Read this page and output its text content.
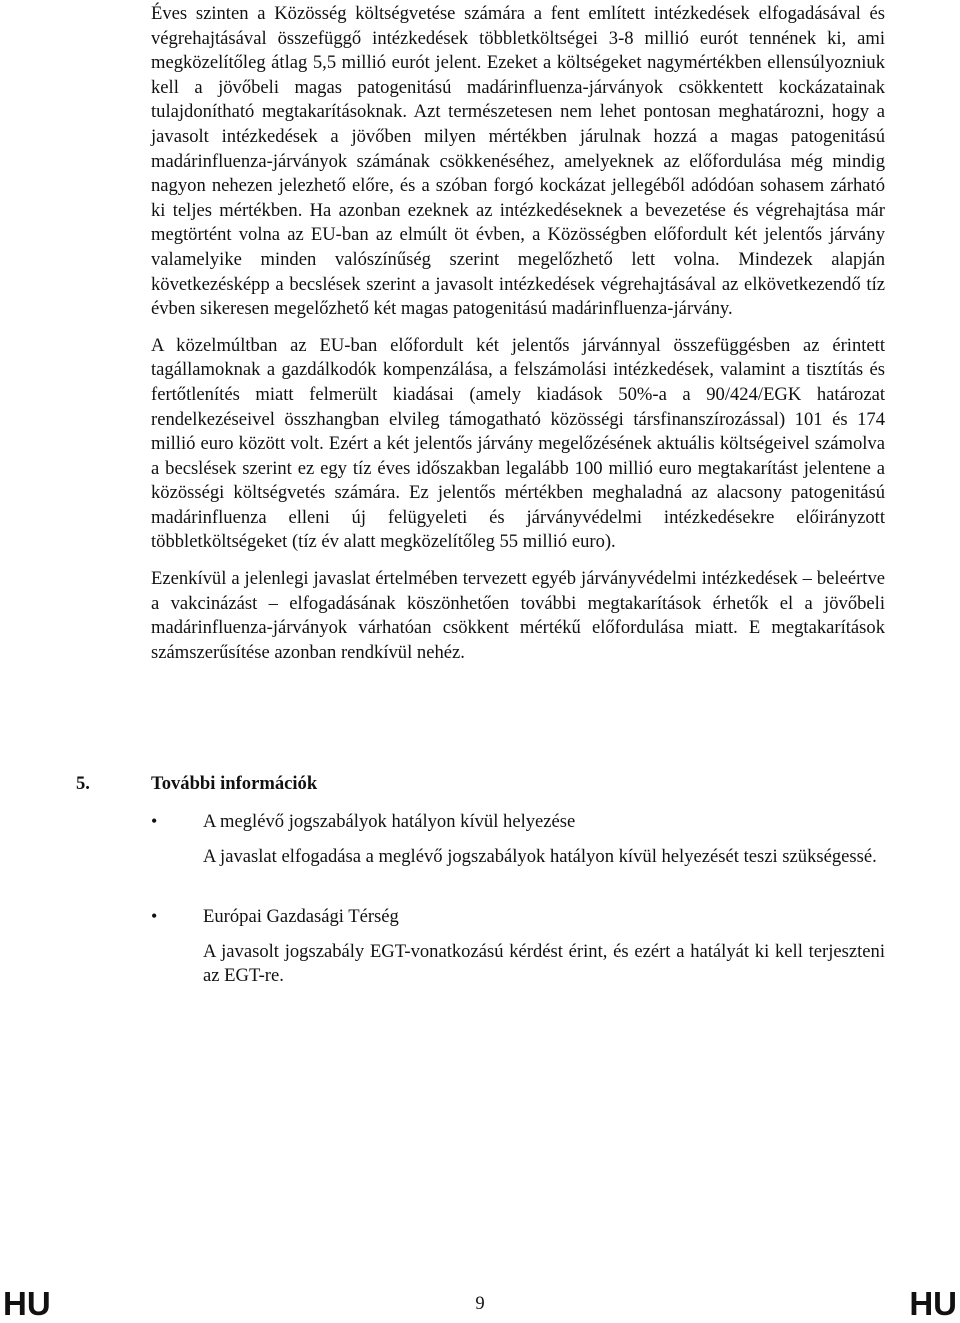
Éves szinten a Közösség költségvetése számára a fent említett intézkedések elfogadásával és végrehajtásával összefüggő intézkedések többletköltségei 3-8 millió eurót tennének ki, ami megközelítőleg átlag 5,5 millió eurót jelent. Ezeket a költségeket nagymértékben ellensúlyozniuk kell a jövőbeli magas patogenitású madárinfluenza-járványok csökkentett kockázatainak tulajdonítható megtakarításoknak. Azt természetesen nem lehet pontosan meghatározni, hogy a javasolt intézkedések a jövőben milyen mértékben járulnak hozzá a magas patogenitású madárinfluenza-járványok számának csökkenéséhez, amelyeknek az előfordulása még mindig nagyon nehezen jelezhető előre, és a szóban forgó kockázat jellegéből adódóan sohasem zárható ki teljes mértékben. Ha azonban ezeknek az intézkedéseknek a bevezetése és végrehajtása már megtörtént volna az EU-ban az elmúlt öt évben, a Közösségben előfordult két jelentős járvány valamelyike minden valószínűség szerint megelőzhető lett volna. Mindezek alapján következésképp a becslések szerint a javasolt intézkedések végrehajtásával az elkövetkezendő tíz évben sikeresen megelőzhető két magas patogenitású madárinfluenza-járvány.

A közelmúltban az EU-ban előfordult két jelentős járvánnyal összefüggésben az érintett tagállamoknak a gazdálkodók kompenzálása, a felszámolási intézkedések, valamint a tisztítás és fertőtlenítés miatt felmerült kiadásai (amely kiadások 50%-a a 90/424/EGK határozat rendelkezéseivel összhangban elvileg támogatható közösségi társfinanszírozással) 101 és 174 millió euro között volt. Ezért a két jelentős járvány megelőzésének aktuális költségeivel számolva a becslések szerint ez egy tíz éves időszakban legalább 100 millió euro megtakarítást jelentene a közösségi költségvetés számára. Ez jelentős mértékben meghaladná az alacsony patogenitású madárinfluenza elleni új felügyeleti és járványvédelmi intézkedésekre előirányzott többletköltségeket (tíz év alatt megközelítőleg 55 millió euro).

Ezenkívül a jelenlegi javaslat értelmében tervezett egyéb járványvédelmi intézkedések – beleértve a vakcinázást – elfogadásának köszönhetően további megtakarítások érhetők el a jövőbeli madárinfluenza-járványok várhatóan csökkent mértékű előfordulása miatt. E megtakarítások számszerűsítése azonban rendkívül nehéz.

5.	További információk
•	A meglévő jogszabályok hatályon kívül helyezése
A javaslat elfogadása a meglévő jogszabályok hatályon kívül helyezését teszi szükségessé.
•	Európai Gazdasági Térség
A javasolt jogszabály EGT-vonatkozású kérdést érint, és ezért a hatályát ki kell terjeszteni az EGT-re.
HU	9	HU
